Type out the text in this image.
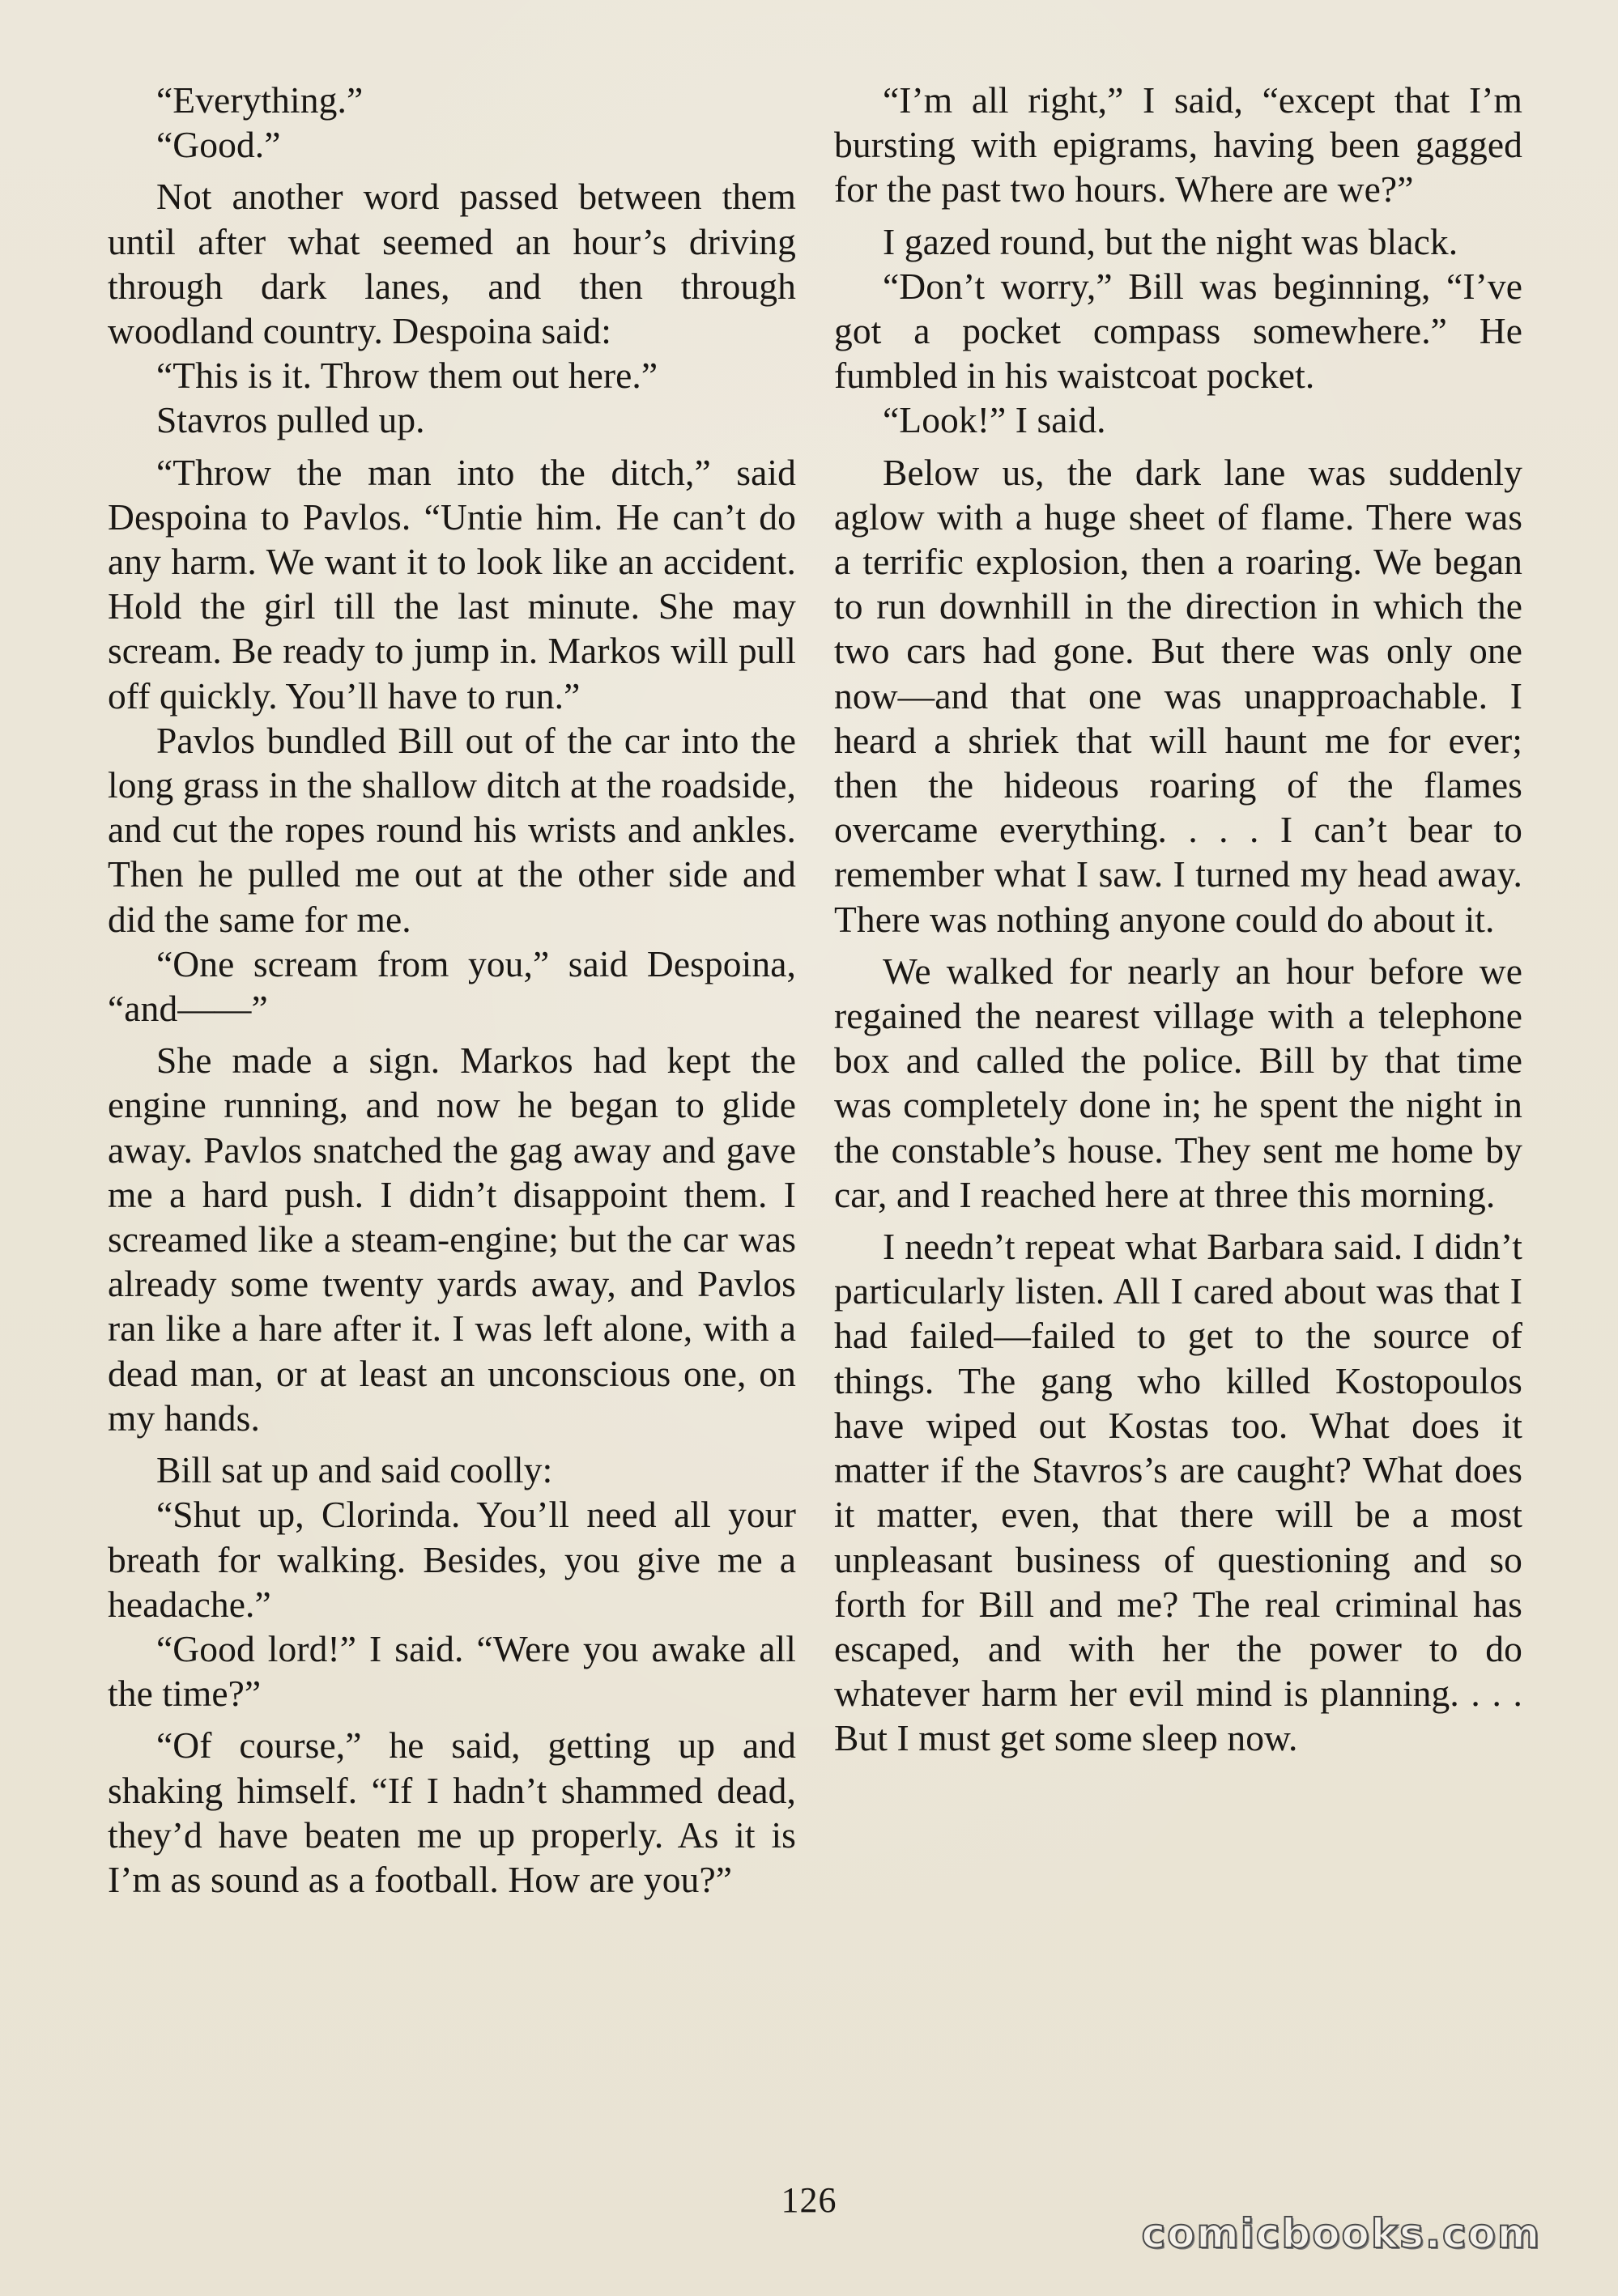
“Everything.”

“Good.”

Not another word passed between them until after what seemed an hour’s driving through dark lanes, and then through woodland country. Despoina said:

“This is it. Throw them out here.”

Stavros pulled up.

“Throw the man into the ditch,” said Despoina to Pavlos. “Untie him. He can’t do any harm. We want it to look like an accident. Hold the girl till the last minute. She may scream. Be ready to jump in. Markos will pull off quickly. You’ll have to run.”

Pavlos bundled Bill out of the car into the long grass in the shallow ditch at the roadside, and cut the ropes round his wrists and ankles. Then he pulled me out at the other side and did the same for me.

“One scream from you,” said Despoina, “and——”

She made a sign. Markos had kept the engine running, and now he began to glide away. Pavlos snatched the gag away and gave me a hard push. I didn’t disappoint them. I screamed like a steam-engine; but the car was already some twenty yards away, and Pavlos ran like a hare after it. I was left alone, with a dead man, or at least an unconscious one, on my hands.

Bill sat up and said coolly:

“Shut up, Clorinda. You’ll need all your breath for walking. Besides, you give me a headache.”

“Good lord!” I said. “Were you awake all the time?”

“Of course,” he said, getting up and shaking himself. “If I hadn’t shammed dead, they’d have beaten me up properly. As it is I’m as sound as a football. How are you?”

“I’m all right,” I said, “except that I’m bursting with epigrams, having been gagged for the past two hours. Where are we?”

I gazed round, but the night was black.

“Don’t worry,” Bill was beginning, “I’ve got a pocket compass somewhere.” He fumbled in his waistcoat pocket.

“Look!” I said.

Below us, the dark lane was suddenly aglow with a huge sheet of flame. There was a terrific explosion, then a roaring. We began to run downhill in the direction in which the two cars had gone. But there was only one now—and that one was unapproachable. I heard a shriek that will haunt me for ever; then the hideous roaring of the flames overcame everything. . . . I can’t bear to remember what I saw. I turned my head away. There was nothing anyone could do about it.

We walked for nearly an hour before we regained the nearest village with a telephone box and called the police. Bill by that time was completely done in; he spent the night in the constable’s house. They sent me home by car, and I reached here at three this morning.

I needn’t repeat what Barbara said. I didn’t particularly listen. All I cared about was that I had failed—failed to get to the source of things. The gang who killed Kostopoulos have wiped out Kostas too. What does it matter if the Stavros’s are caught? What does it matter, even, that there will be a most unpleasant business of questioning and so forth for Bill and me? The real criminal has escaped, and with her the power to do whatever harm her evil mind is planning. . . . But I must get some sleep now.

126
comicbooks.com
